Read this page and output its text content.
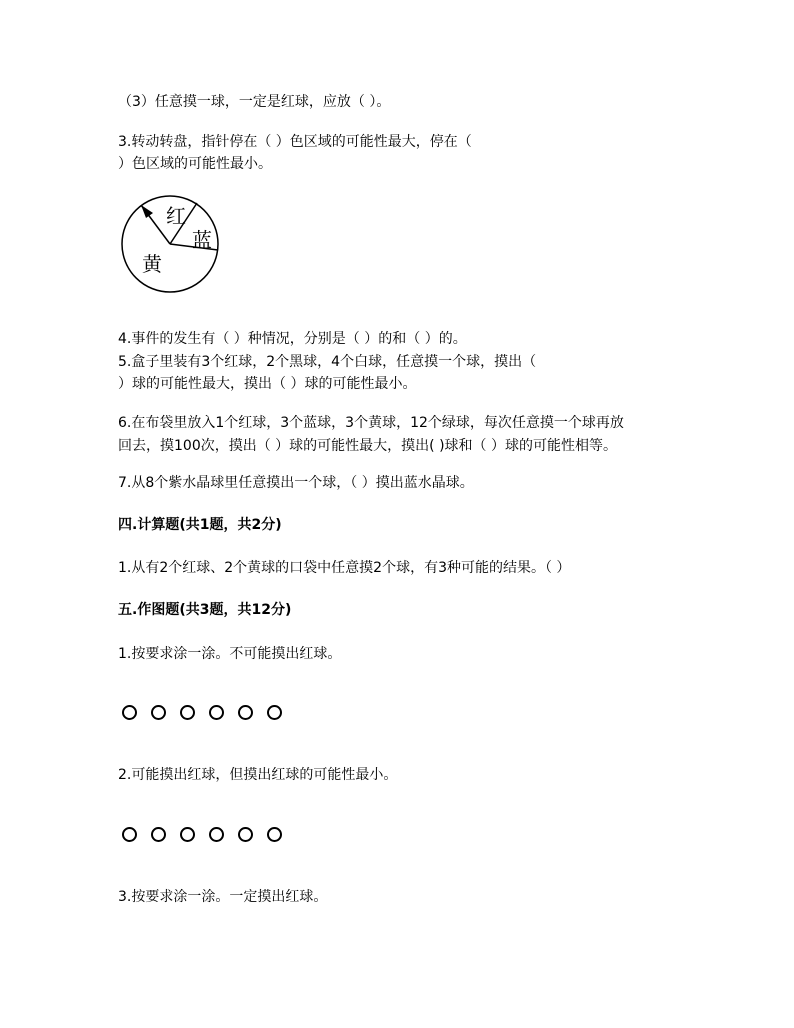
（3）任意摸一球，一定是红球，应放（ ）。
3.转动转盘，指针停在（ ）色区域的可能性最大，停在（
）色区域的可能性最小。
红
蓝
黄
4.事件的发生有（ ）种情况，分别是（ ）的和（ ）的。
5.盒子里装有3个红球，2个黑球，4个白球，任意摸一个球，摸出（
）球的可能性最大，摸出（ ）球的可能性最小。
6.在布袋里放入1个红球，3个蓝球，3个黄球，12个绿球，每次任意摸一个球再放
回去，摸100次，摸出（ ）球的可能性最大，摸出( )球和（ ）球的可能性相等。
7.从8个紫水晶球里任意摸出一个球，（ ）摸出蓝水晶球。
四.计算题(共1题，共2分)
1.从有2个红球、2个黄球的口袋中任意摸2个球，有3种可能的结果。（ ）
五.作图题(共3题，共12分)
1.按要求涂一涂。不可能摸出红球。
2.可能摸出红球，但摸出红球的可能性最小。
3.按要求涂一涂。一定摸出红球。
